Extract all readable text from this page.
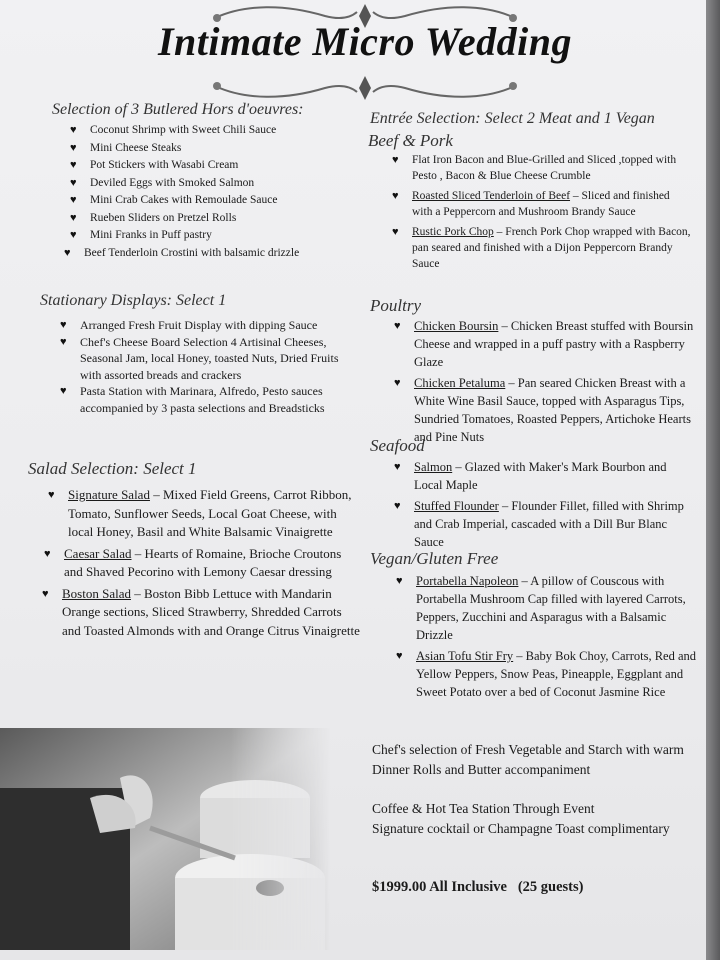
Intimate Micro Wedding
Selection of 3 Butlered Hors d'oeuvres:
♥ Coconut Shrimp with Sweet Chili Sauce
♥ Mini Cheese Steaks
♥ Pot Stickers with Wasabi Cream
♥ Deviled Eggs with Smoked Salmon
♥ Mini Crab Cakes with Remoulade Sauce
♥ Rueben Sliders on Pretzel Rolls
♥ Mini Franks in Puff pastry
♥ Beef Tenderloin Crostini with balsamic drizzle
Stationary Displays: Select 1
♥ Arranged Fresh Fruit Display with dipping Sauce
♥ Chef's Cheese Board Selection 4 Artisinal Cheeses, Seasonal Jam, local Honey, toasted Nuts, Dried Fruits with assorted breads and crackers
♥ Pasta Station with Marinara, Alfredo, Pesto sauces accompanied by 3 pasta selections and Breadsticks
Salad Selection: Select 1
♥ Signature Salad – Mixed Field Greens, Carrot Ribbon, Tomato, Sunflower Seeds, Local Goat Cheese, with local Honey, Basil and White Balsamic Vinaigrette
♥ Caesar Salad – Hearts of Romaine, Brioche Croutons and Shaved Pecorino with Lemony Caesar dressing
♥ Boston Salad – Boston Bibb Lettuce with Mandarin Orange sections, Sliced Strawberry, Shredded Carrots and Toasted Almonds with and Orange Citrus Vinaigrette
Entrée Selection: Select 2 Meat and 1 Vegan
Beef & Pork
♥ Flat Iron Bacon and Blue-Grilled and Sliced ,topped with Pesto , Bacon & Blue Cheese Crumble
♥ Roasted Sliced Tenderloin of Beef – Sliced and finished with a Peppercorn and Mushroom Brandy Sauce
♥ Rustic Pork Chop – French Pork Chop wrapped with Bacon, pan seared and finished with a Dijon Peppercorn Brandy Sauce
Poultry
♥ Chicken Boursin – Chicken Breast stuffed with Boursin Cheese and wrapped in a puff pastry with a Raspberry Glaze
♥ Chicken Petaluma – Pan seared Chicken Breast with a White Wine Basil Sauce, topped with Asparagus Tips, Sundried Tomatoes, Roasted Peppers, Artichoke Hearts and Pine Nuts
Seafood
♥ Salmon – Glazed with Maker's Mark Bourbon and Local Maple
♥ Stuffed Flounder – Flounder Fillet, filled with Shrimp and Crab Imperial, cascaded with a Dill Bur Blanc Sauce
Vegan/Gluten Free
♥ Portabella Napoleon – A pillow of Couscous with Portabella Mushroom Cap filled with layered Carrots, Peppers, Zucchini and Asparagus with a Balsamic Drizzle
♥ Asian Tofu Stir Fry – Baby Bok Choy, Carrots, Red and Yellow Peppers, Snow Peas, Pineapple, Eggplant and Sweet Potato over a bed of Coconut Jasmine Rice
Chef's selection of Fresh Vegetable and Starch with warm Dinner Rolls and Butter accompaniment
Coffee & Hot Tea Station Through Event
Signature cocktail or Champagne Toast complimentary
$1999.00 All Inclusive   (25 guests)
